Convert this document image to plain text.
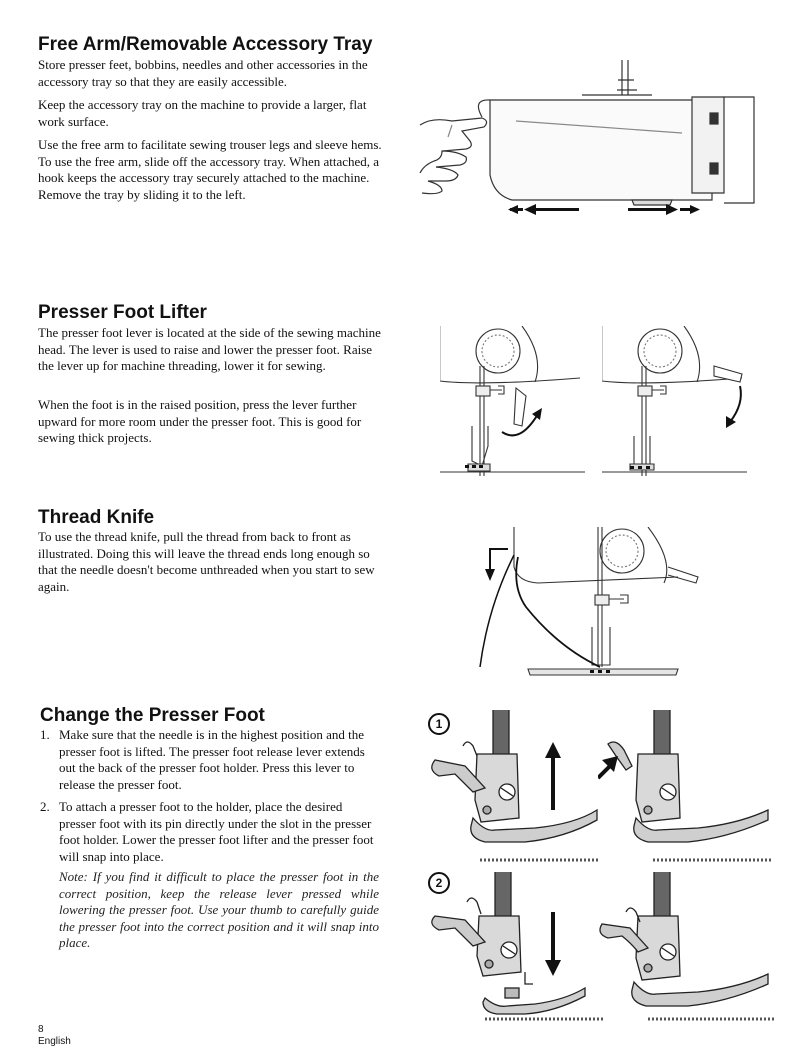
Free Arm/Removable Accessory Tray

Store presser feet, bobbins, needles and other accessories in the accessory tray so that they are easily accessible.

Keep the accessory tray on the machine to provide a larger, flat work surface.

Use the free arm to facilitate sewing trouser legs and sleeve hems. To use the free arm, slide off the accessory tray. When attached, a hook keeps the accessory tray securely attached to the machine. Remove the tray by sliding it to the left.

Presser Foot Lifter

The presser foot lever is located at the side of the sewing machine head. The lever is used to raise and lower the presser foot. Raise the lever up for machine threading, lower it for sewing.

When the foot is in the raised position, press the lever further upward for more room under the presser foot. This is good for sewing thick projects.

Thread Knife

To use the thread knife, pull the thread from back to front as illustrated. Doing this will leave the thread ends long enough so that the needle doesn't become unthreaded when you start to sew again.

Change the Presser Foot
1. Make sure that the needle is in the highest position and the presser foot is lifted. The presser foot release lever extends out the back of the presser foot holder. Press this lever to release the presser foot.
2. To attach a presser foot to the holder, place the desired presser foot with its pin directly under the slot in the presser foot holder. Lower the presser foot lifter and the presser foot will snap into place.

Note: If you find it difficult to place the presser foot in the correct position, keep the release lever pressed while lowering the presser foot. Use your thumb to carefully guide the presser foot into the correct position and it will snap into place.

1
2
8
English
